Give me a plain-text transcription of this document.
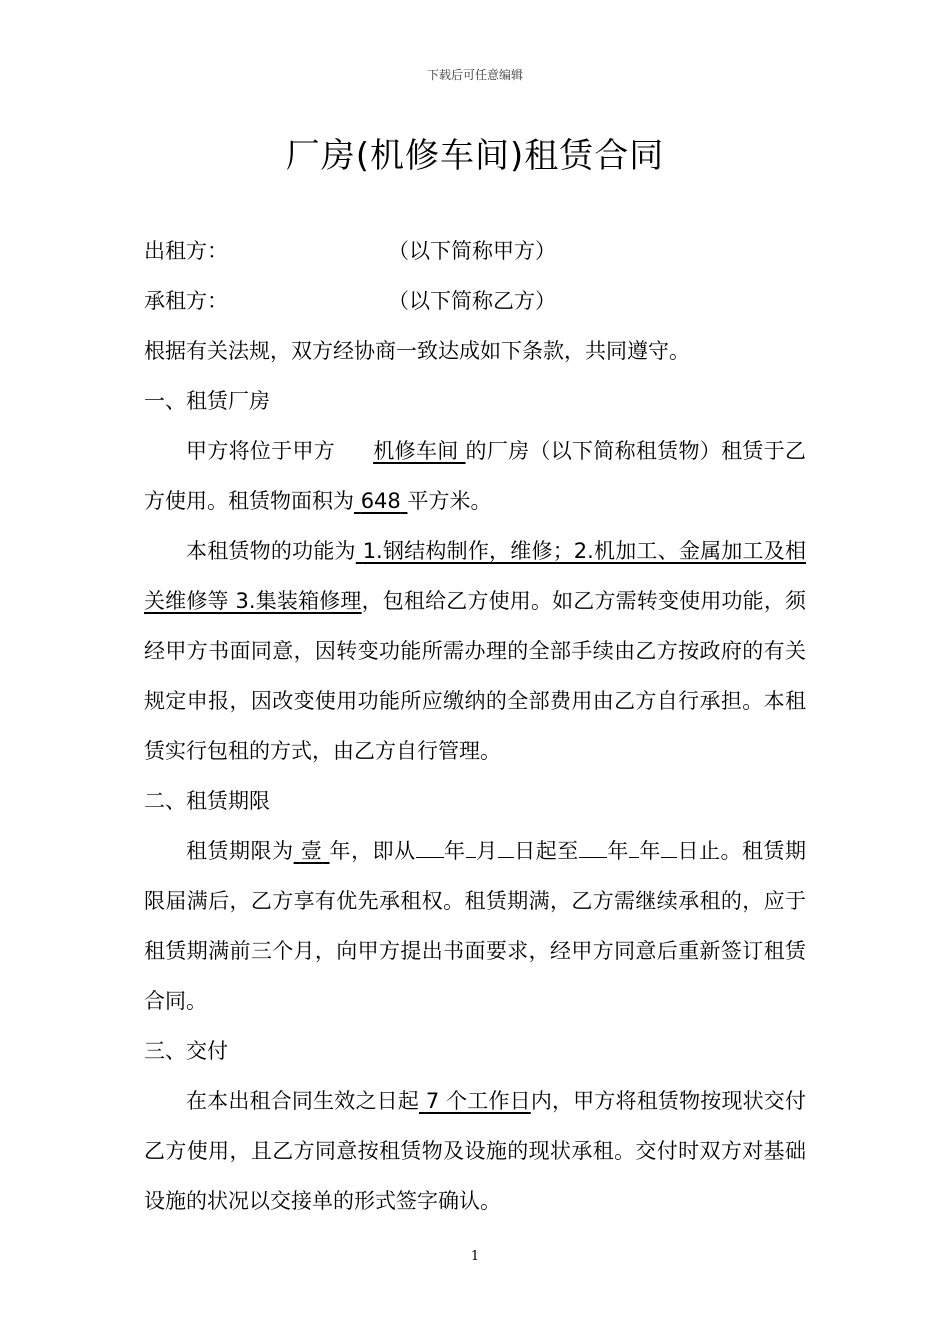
下载后可任意编辑
厂房(机修车间)租赁合同
出租方：	（以下简称甲方）
承租方：	（以下简称乙方）
根据有关法规，双方经协商一致达成如下条款，共同遵守。
一、租赁厂房
甲方将位于甲方 机修车间 的厂房（以下简称租赁物）租赁于乙方使用。租赁物面积为 648 平方米。
本租赁物的功能为 1.钢结构制作，维修；2.机加工、金属加工及相关维修等 3.集装箱修理，包租给乙方使用。如乙方需转变使用功能，须经甲方书面同意，因转变功能所需办理的全部手续由乙方按政府的有关规定申报，因改变使用功能所应缴纳的全部费用由乙方自行承担。本租赁实行包租的方式，由乙方自行管理。
二、租赁期限
租赁期限为 壹 年，即从 年 月 日起至 年 年 日止。租赁期限届满后，乙方享有优先承租权。租赁期满，乙方需继续承租的，应于租赁期满前三个月，向甲方提出书面要求，经甲方同意后重新签订租赁合同。
三、交付
在本出租合同生效之日起 7 个工作日内，甲方将租赁物按现状交付乙方使用，且乙方同意按租赁物及设施的现状承租。交付时双方对基础设施的状况以交接单的形式签字确认。
1
